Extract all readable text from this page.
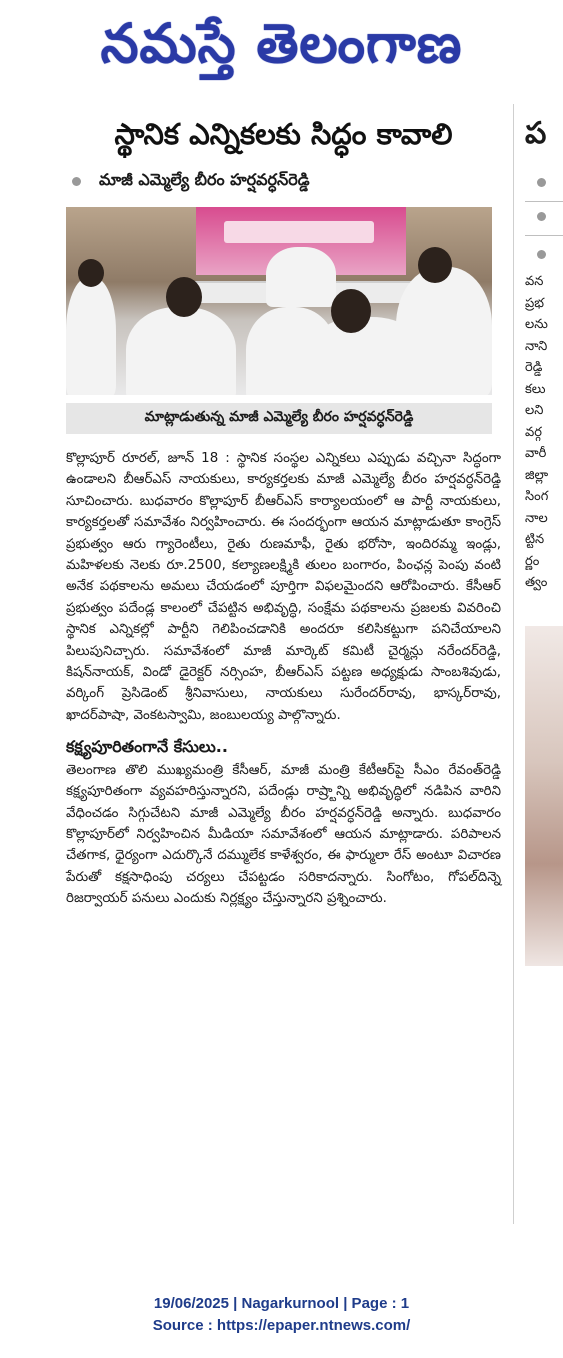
నమస్తే తెలంగాణ
స్థానిక ఎన్నికలకు సిద్ధం కావాలి
మాజీ ఎమ్మెల్యే బీరం హర్షవర్ధన్‌రెడ్డి
మాట్లాడుతున్న మాజీ ఎమ్మెల్యే బీరం హర్షవర్ధన్‌రెడ్డి

కొల్లాపూర్ రూరల్, జూన్ 18 : స్థానిక సంస్థల ఎన్నికలు ఎప్పుడు వచ్చినా సిద్ధంగా ఉండాలని బీఆర్ఎస్ నాయకులు, కార్యకర్తలకు మాజీ ఎమ్మెల్యే బీరం హర్షవర్ధన్‌రెడ్డి సూచించారు. బుధవారం కొల్లాపూర్ బీఆర్ఎస్ కార్యాలయంలో ఆ పార్టీ నాయకులు, కార్యకర్తలతో సమావేశం నిర్వహించారు. ఈ సందర్భంగా ఆయన మాట్లాడుతూ కాంగ్రెస్ ప్రభుత్వం ఆరు గ్యారెంటీలు, రైతు రుణమాఫీ, రైతు భరోసా, ఇందిరమ్మ ఇండ్లు, మహిళలకు నెలకు రూ.2500, కల్యాణలక్ష్మికి తులం బంగారం, పింఛన్ల పెంపు వంటి అనేక పథకాలను అమలు చేయడంలో పూర్తిగా విఫలమైందని ఆరోపించారు. కేసీఆర్ ప్రభుత్వం పదేండ్ల కాలంలో చేపట్టిన అభివృద్ధి, సంక్షేమ పథకాలను ప్రజలకు వివరించి స్థానిక ఎన్నికల్లో పార్టీని గెలిపించడానికి అందరూ కలిసికట్టుగా పనిచేయాలని పిలుపునిచ్చారు. సమావేశంలో మాజీ మార్కెట్ కమిటీ చైర్మన్లు నరేందర్‌రెడ్డి, కిషన్‌నాయక్, విండో డైరెక్టర్ నర్సింహ, బీఆర్ఎస్ పట్టణ అధ్యక్షుడు సాంబశివుడు, వర్కింగ్ ప్రెసిడెంట్ శ్రీనివాసులు, నాయకులు సురేందర్‌రావు, భాస్కర్‌రావు, ఖాదర్‌పాషా, వెంకటస్వామి, జంబులయ్య పాల్గొన్నారు.

కక్ష్యపూరితంగానే కేసులు..

తెలంగాణ తొలి ముఖ్యమంత్రి కేసీఆర్, మాజీ మంత్రి కేటీఆర్‌పై సీఎం రేవంత్‌రెడ్డి కక్ష్యపూరితంగా వ్యవహరిస్తున్నారని, పదేండ్లు రాష్ర్టాన్ని అభివృద్ధిలో నడిపిన వారిని వేధించడం సిగ్గుచేటని మాజీ ఎమ్మెల్యే బీరం హర్షవర్ధన్‌రెడ్డి అన్నారు. బుధవారం కొల్లాపూర్‌లో నిర్వహించిన మీడియా సమావేశంలో ఆయన మాట్లాడారు. పరిపాలన చేతగాక, ధైర్యంగా ఎదుర్కొనే దమ్ములేక కాళేశ్వరం, ఈ ఫార్ములా రేస్ అంటూ విచారణ పేరుతో కక్షసాధింపు చర్యలు చేపట్టడం సరికాదన్నారు. సింగోటం, గోపల్‌దిన్నె రిజర్వాయర్ పనులు ఎందుకు నిర్లక్ష్యం చేస్తున్నారని ప్రశ్నించారు.

ప
వన
ప్రభ
లను
నాని
రెడ్డి
కలు
లని
వర్గ
వారీ
జిల్లా
సింగ
నాల
ట్టిన
ర్ణం
త్వం
19/06/2025 | Nagarkurnool | Page : 1
Source : https://epaper.ntnews.com/
